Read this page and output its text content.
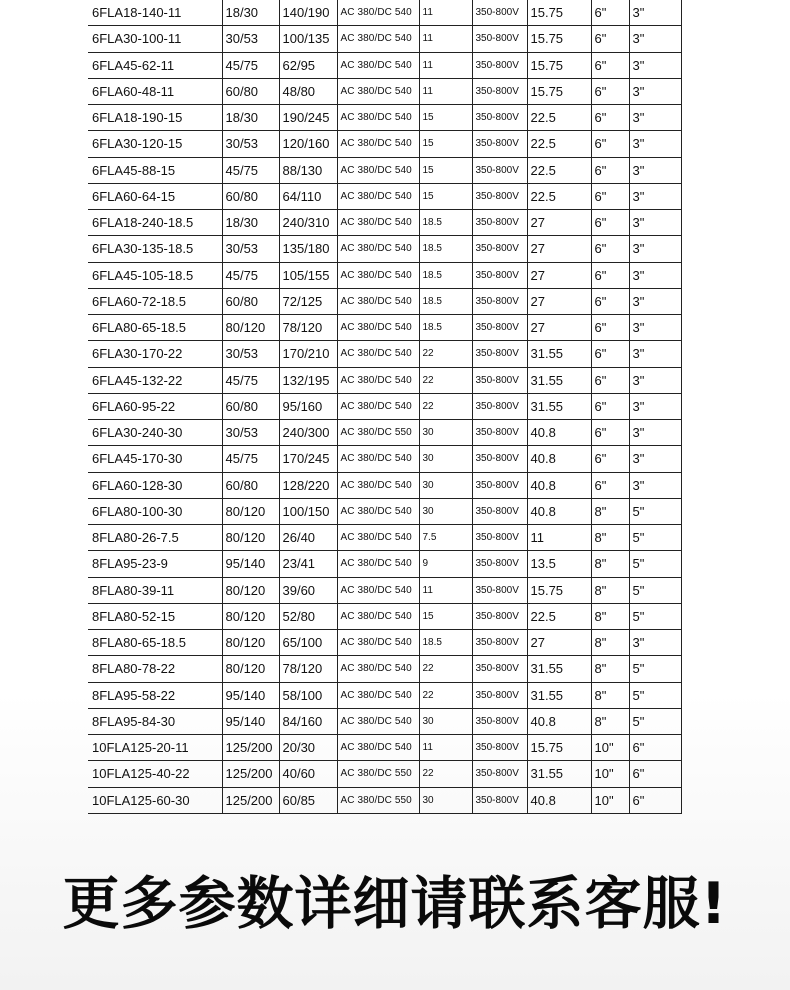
6FLA18-140-11	18/30	140/190	AC 380/DC 540	11	350-800V	15.75	6"	3"
6FLA30-100-11	30/53	100/135	AC 380/DC 540	11	350-800V	15.75	6"	3"
6FLA45-62-11	45/75	62/95	AC 380/DC 540	11	350-800V	15.75	6"	3"
6FLA60-48-11	60/80	48/80	AC 380/DC 540	11	350-800V	15.75	6"	3"
6FLA18-190-15	18/30	190/245	AC 380/DC 540	15	350-800V	22.5	6"	3"
6FLA30-120-15	30/53	120/160	AC 380/DC 540	15	350-800V	22.5	6"	3"
6FLA45-88-15	45/75	88/130	AC 380/DC 540	15	350-800V	22.5	6"	3"
6FLA60-64-15	60/80	64/110	AC 380/DC 540	15	350-800V	22.5	6"	3"
6FLA18-240-18.5	18/30	240/310	AC 380/DC 540	18.5	350-800V	27	6"	3"
6FLA30-135-18.5	30/53	135/180	AC 380/DC 540	18.5	350-800V	27	6"	3"
6FLA45-105-18.5	45/75	105/155	AC 380/DC 540	18.5	350-800V	27	6"	3"
6FLA60-72-18.5	60/80	72/125	AC 380/DC 540	18.5	350-800V	27	6"	3"
6FLA80-65-18.5	80/120	78/120	AC 380/DC 540	18.5	350-800V	27	6"	3"
6FLA30-170-22	30/53	170/210	AC 380/DC 540	22	350-800V	31.55	6"	3"
6FLA45-132-22	45/75	132/195	AC 380/DC 540	22	350-800V	31.55	6"	3"
6FLA60-95-22	60/80	95/160	AC 380/DC 540	22	350-800V	31.55	6"	3"
6FLA30-240-30	30/53	240/300	AC 380/DC 550	30	350-800V	40.8	6"	3"
6FLA45-170-30	45/75	170/245	AC 380/DC 540	30	350-800V	40.8	6"	3"
6FLA60-128-30	60/80	128/220	AC 380/DC 540	30	350-800V	40.8	6"	3"
6FLA80-100-30	80/120	100/150	AC 380/DC 540	30	350-800V	40.8	8"	5"
8FLA80-26-7.5	80/120	26/40	AC 380/DC 540	7.5	350-800V	11	8"	5"
8FLA95-23-9	95/140	23/41	AC 380/DC 540	9	350-800V	13.5	8"	5"
8FLA80-39-11	80/120	39/60	AC 380/DC 540	11	350-800V	15.75	8"	5"
8FLA80-52-15	80/120	52/80	AC 380/DC 540	15	350-800V	22.5	8"	5"
8FLA80-65-18.5	80/120	65/100	AC 380/DC 540	18.5	350-800V	27	8"	3"
8FLA80-78-22	80/120	78/120	AC 380/DC 540	22	350-800V	31.55	8"	5"
8FLA95-58-22	95/140	58/100	AC 380/DC 540	22	350-800V	31.55	8"	5"
8FLA95-84-30	95/140	84/160	AC 380/DC 540	30	350-800V	40.8	8"	5"
10FLA125-20-11	125/200	20/30	AC 380/DC 540	11	350-800V	15.75	10"	6"
10FLA125-40-22	125/200	40/60	AC 380/DC 550	22	350-800V	31.55	10"	6"
10FLA125-60-30	125/200	60/85	AC 380/DC 550	30	350-800V	40.8	10"	6"
更多参数详细请联系客服!
